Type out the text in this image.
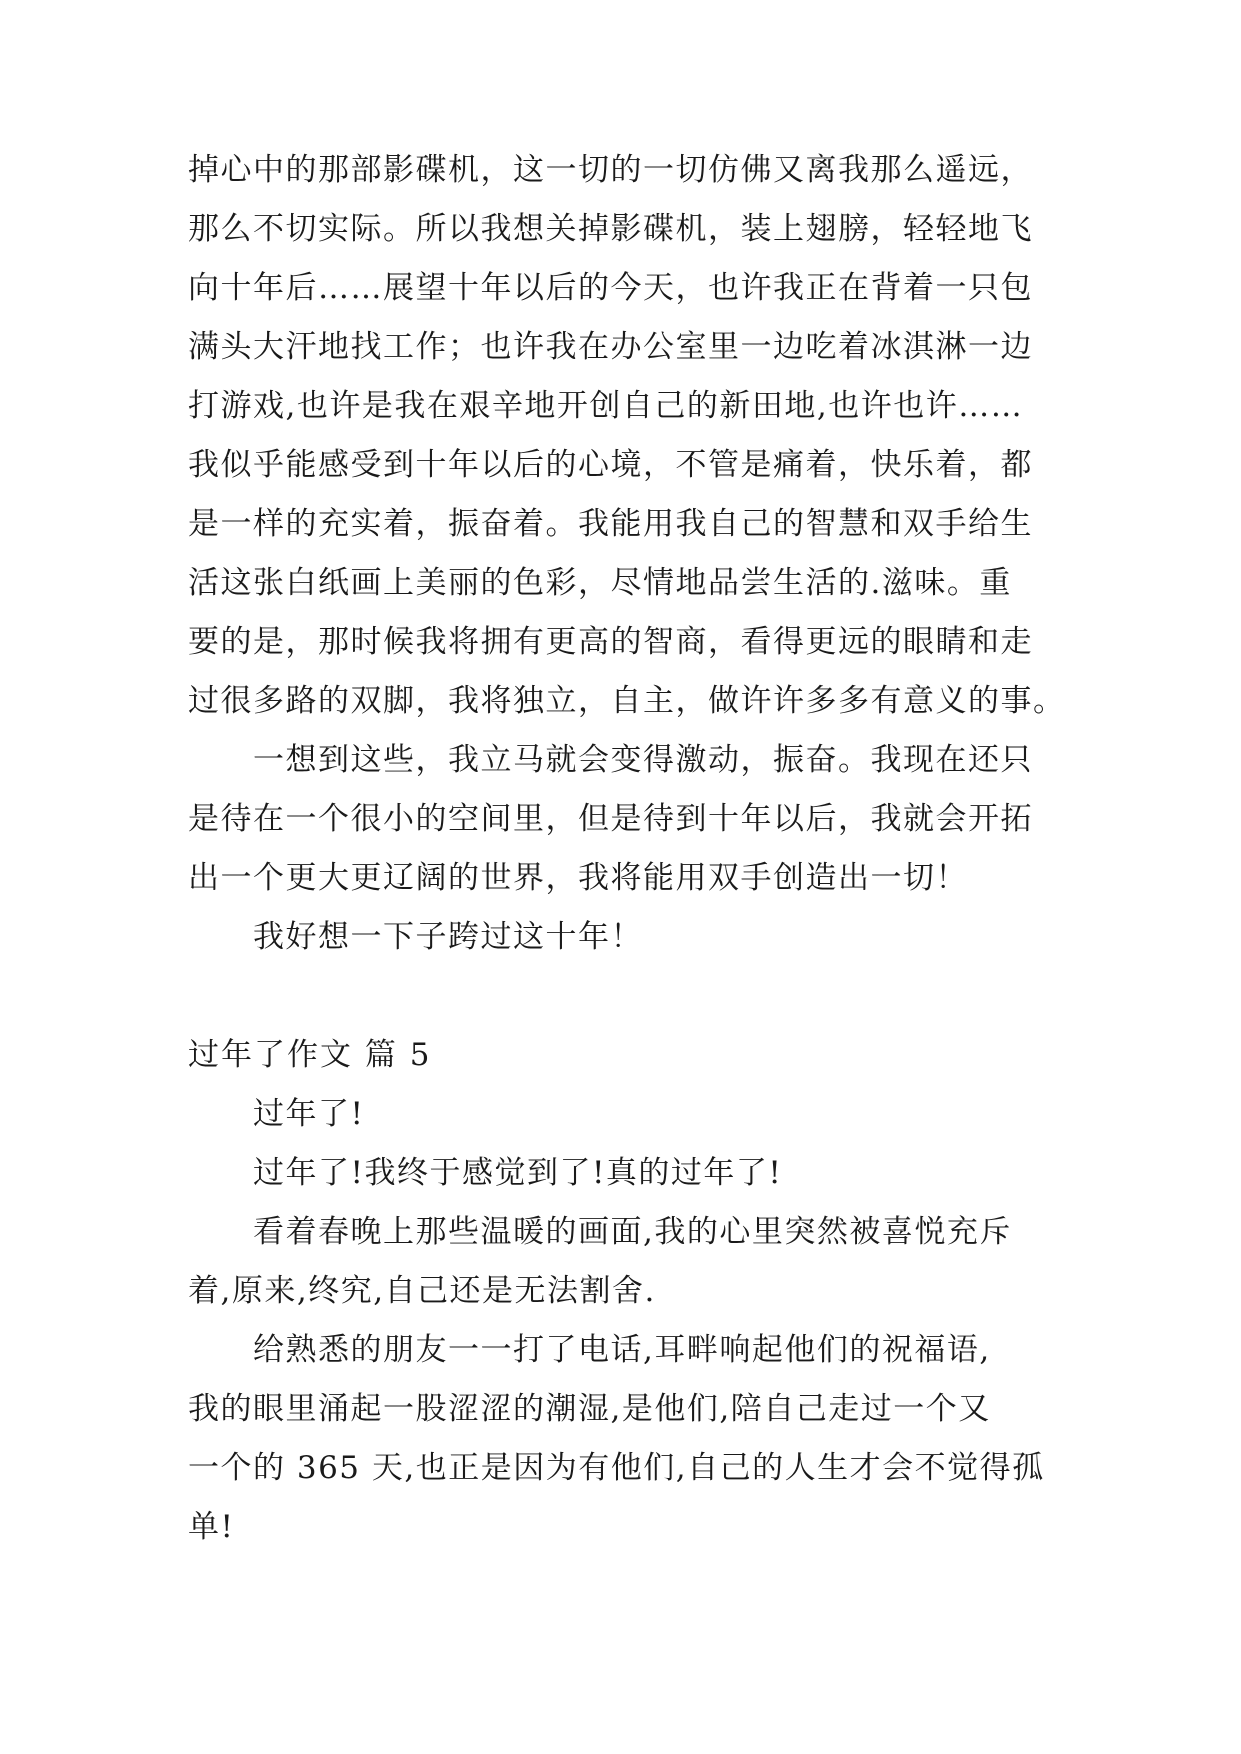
掉心中的那部影碟机，这一切的一切仿佛又离我那么遥远，
那么不切实际。所以我想关掉影碟机，装上翅膀，轻轻地飞
向十年后……展望十年以后的今天，也许我正在背着一只包
满头大汗地找工作；也许我在办公室里一边吃着冰淇淋一边
打游戏,也许是我在艰辛地开创自己的新田地,也许也许……
我似乎能感受到十年以后的心境，不管是痛着，快乐着，都
是一样的充实着，振奋着。我能用我自己的智慧和双手给生
活这张白纸画上美丽的色彩，尽情地品尝生活的.滋味。重
要的是，那时候我将拥有更高的智商，看得更远的眼睛和走
过很多路的双脚，我将独立，自主，做许许多多有意义的事。
一想到这些，我立马就会变得激动，振奋。我现在还只
是待在一个很小的空间里，但是待到十年以后，我就会开拓
出一个更大更辽阔的世界，我将能用双手创造出一切！
我好想一下子跨过这十年！
过年了作文 篇 5
过年了!
过年了!我终于感觉到了!真的过年了!
看着春晚上那些温暖的画面,我的心里突然被喜悦充斥
着,原来,终究,自己还是无法割舍.
给熟悉的朋友一一打了电话,耳畔响起他们的祝福语,
我的眼里涌起一股涩涩的潮湿,是他们,陪自己走过一个又
一个的 365 天,也正是因为有他们,自己的人生才会不觉得孤
单!
